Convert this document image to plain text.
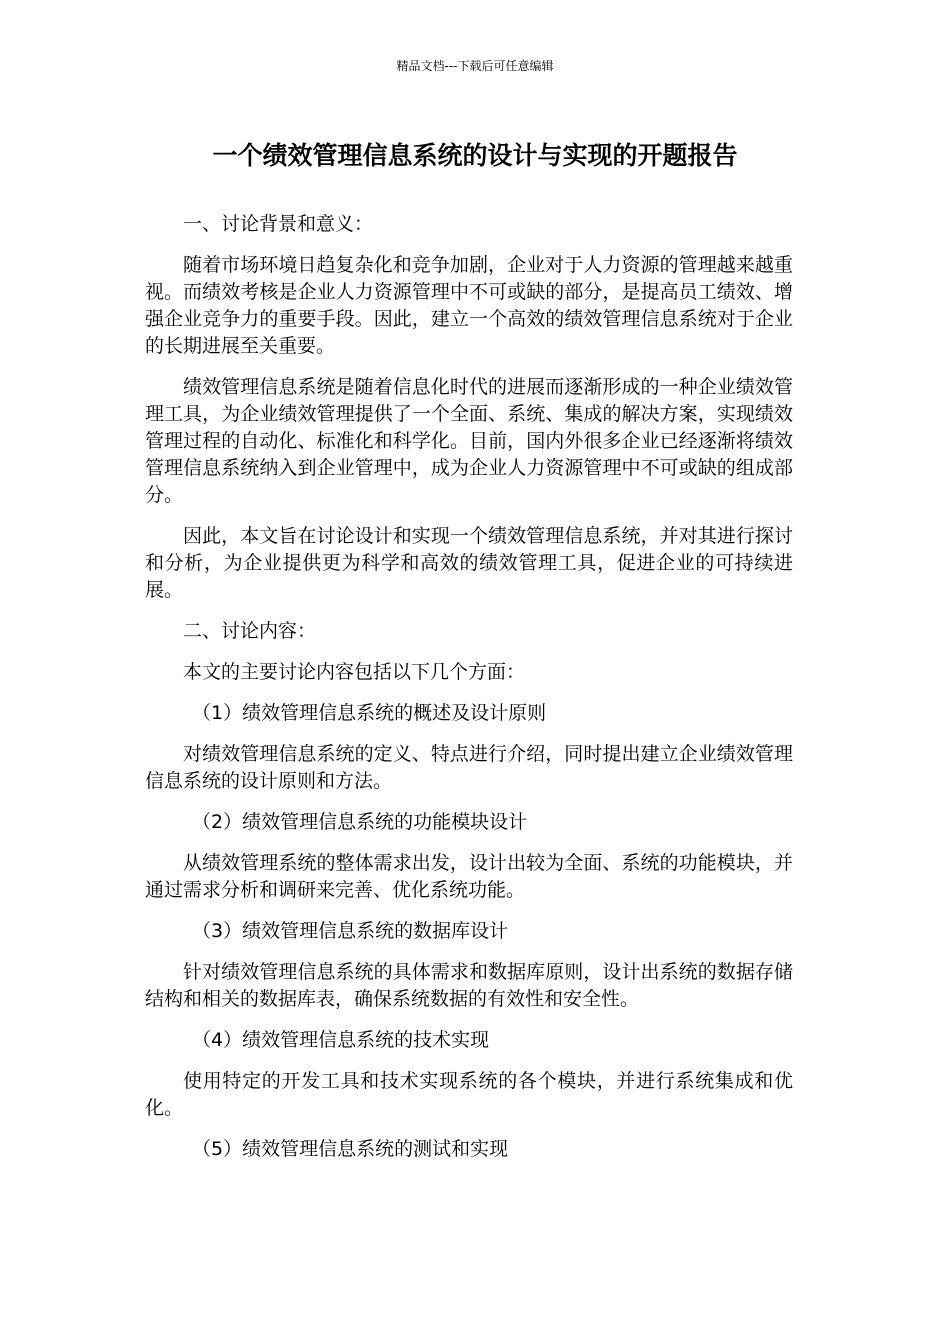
精品文档---下载后可任意编辑
一个绩效管理信息系统的设计与实现的开题报告

一、讨论背景和意义：

随着市场环境日趋复杂化和竞争加剧，企业对于人力资源的管理越来越重视。而绩效考核是企业人力资源管理中不可或缺的部分，是提高员工绩效、增强企业竞争力的重要手段。因此，建立一个高效的绩效管理信息系统对于企业的长期进展至关重要。

绩效管理信息系统是随着信息化时代的进展而逐渐形成的一种企业绩效管理工具，为企业绩效管理提供了一个全面、系统、集成的解决方案，实现绩效管理过程的自动化、标准化和科学化。目前，国内外很多企业已经逐渐将绩效管理信息系统纳入到企业管理中，成为企业人力资源管理中不可或缺的组成部分。

因此，本文旨在讨论设计和实现一个绩效管理信息系统，并对其进行探讨和分析，为企业提供更为科学和高效的绩效管理工具，促进企业的可持续进展。

二、讨论内容：

本文的主要讨论内容包括以下几个方面：

（1）绩效管理信息系统的概述及设计原则

对绩效管理信息系统的定义、特点进行介绍，同时提出建立企业绩效管理信息系统的设计原则和方法。

（2）绩效管理信息系统的功能模块设计

从绩效管理系统的整体需求出发，设计出较为全面、系统的功能模块，并通过需求分析和调研来完善、优化系统功能。

（3）绩效管理信息系统的数据库设计

针对绩效管理信息系统的具体需求和数据库原则，设计出系统的数据存储结构和相关的数据库表，确保系统数据的有效性和安全性。

（4）绩效管理信息系统的技术实现

使用特定的开发工具和技术实现系统的各个模块，并进行系统集成和优化。

（5）绩效管理信息系统的测试和实现
